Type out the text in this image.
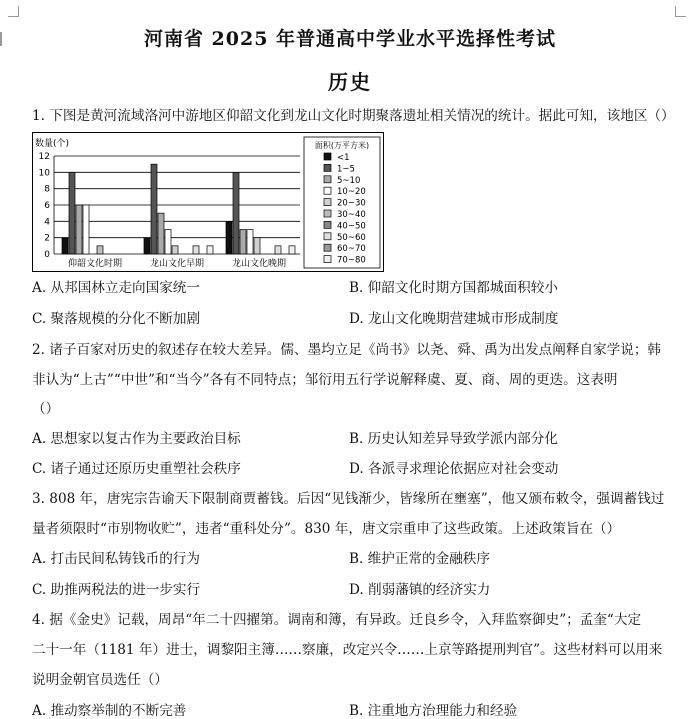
河南省 2025 年普通高中学业水平选择性考试
历史
1. 下图是黄河流域洛河中游地区仰韶文化到龙山文化时期聚落遗址相关情况的统计。据此可知，该地区（）
数量(个)
0
2
4
6
8
10
12
仰韶文化时期	龙山文化早期	龙山文化晚期
面积(万平方米)
<1
1~5
5~10
10~20
20~30
30~40
40~50
50~60
60~70
70~80
A. 从邦国林立走向国家统一	B. 仰韶文化时期方国都城面积较小
C. 聚落规模的分化不断加剧	D. 龙山文化晚期营建城市形成制度
2. 诸子百家对历史的叙述存在较大差异。儒、墨均立足《尚书》以尧、舜、禹为出发点阐释自家学说；韩
非认为“上古”“中世”和“当今”各有不同特点；邹衍用五行学说解释虞、夏、商、周的更迭。这表明
（）
A. 思想家以复古作为主要政治目标	B. 历史认知差异导致学派内部分化
C. 诸子通过还原历史重塑社会秩序	D. 各派寻求理论依据应对社会变动
3. 808 年，唐宪宗告谕天下限制商贾蓄钱。后因“见钱渐少，皆缘所在壅塞”，他又颁布敕令，强调蓄钱过
量者须限时“市别物收贮”，违者“重科处分”。830 年，唐文宗重申了这些政策。上述政策旨在（）
A. 打击民间私铸钱币的行为	B. 维护正常的金融秩序
C. 助推两税法的进一步实行	D. 削弱藩镇的经济实力
4. 据《金史》记载，周昂“年二十四擢第。调南和簿，有异政。迁良乡令，入拜监察御史”；孟奎“大定
二十一年（1181 年）进士，调黎阳主簿……察廉，改定兴令……上京等路提刑判官”。这些材料可以用来
说明金朝官员选任（）
A. 推动察举制的不断完善	B. 注重地方治理能力和经验
